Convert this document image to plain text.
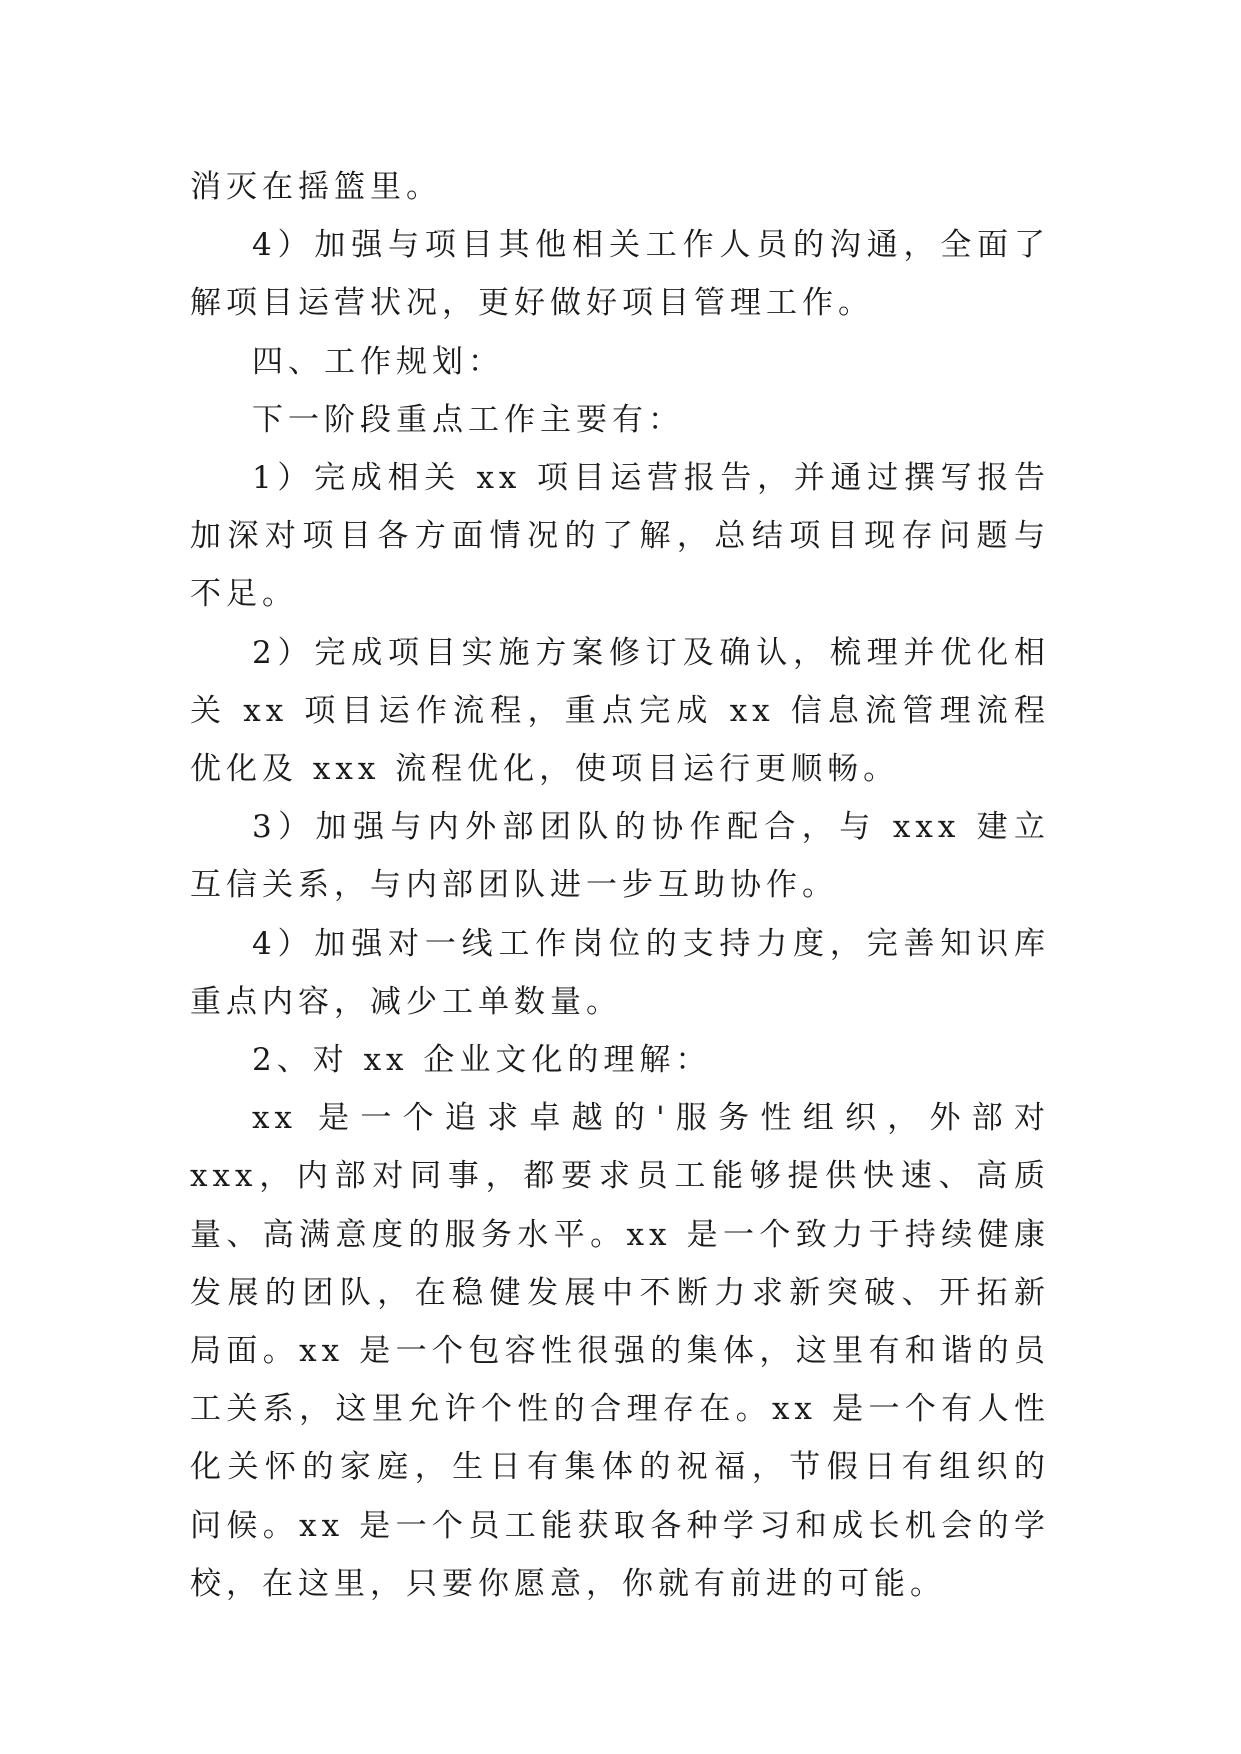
消灭在摇篮里。

4）加强与项目其他相关工作人员的沟通，全面了解项目运营状况，更好做好项目管理工作。

四、工作规划：

下一阶段重点工作主要有：

1）完成相关 xx 项目运营报告，并通过撰写报告加深对项目各方面情况的了解，总结项目现存问题与不足。

2）完成项目实施方案修订及确认，梳理并优化相关 xx 项目运作流程，重点完成 xx 信息流管理流程优化及 xxx 流程优化，使项目运行更顺畅。

3）加强与内外部团队的协作配合，与 xxx 建立互信关系，与内部团队进一步互助协作。

4）加强对一线工作岗位的支持力度，完善知识库重点内容，减少工单数量。

2、对 xx 企业文化的理解：

xx 是一个追求卓越的'服务性组织，外部对 xxx，内部对同事，都要求员工能够提供快速、高质量、高满意度的服务水平。xx 是一个致力于持续健康发展的团队，在稳健发展中不断力求新突破、开拓新局面。xx 是一个包容性很强的集体，这里有和谐的员工关系，这里允许个性的合理存在。xx 是一个有人性化关怀的家庭，生日有集体的祝福，节假日有组织的问候。xx 是一个员工能获取各种学习和成长机会的学校，在这里，只要你愿意，你就有前进的可能。
